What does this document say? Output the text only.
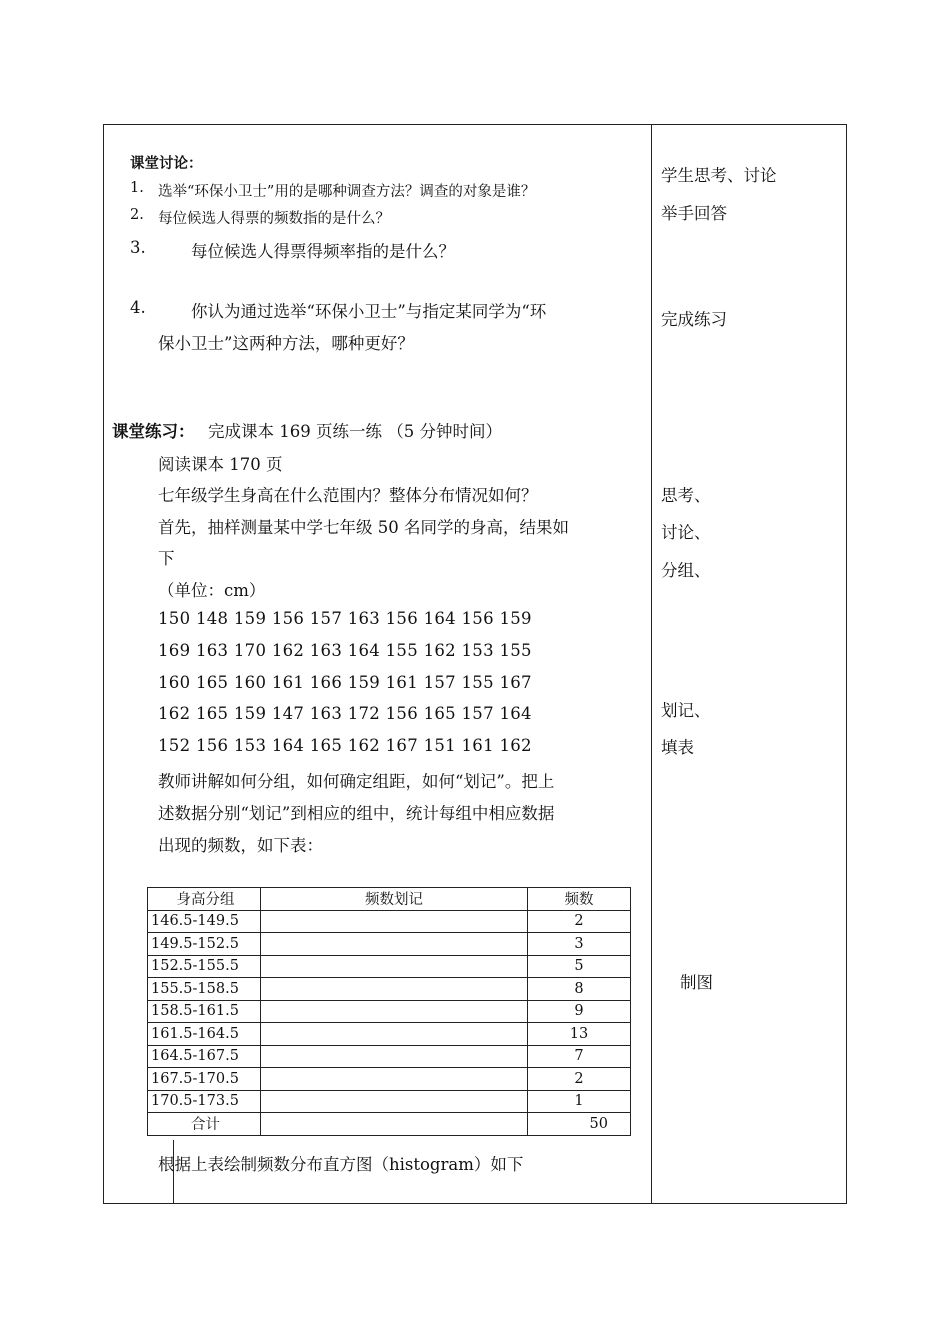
课堂讨论：
1. 选举“环保小卫士”用的是哪种调查方法？调查的对象是谁？
2. 每位候选人得票的频数指的是什么？
3.	每位候选人得票得频率指的是什么？
4.	你认为通过选举“环保小卫士”与指定某同学为“环
保小卫士”这两种方法，哪种更好？
课堂练习： 完成课本 169 页练一练 （5 分钟时间）
阅读课本 170 页
七年级学生身高在什么范围内？整体分布情况如何？
首先，抽样测量某中学七年级 50 名同学的身高，结果如
下
（单位：cm）
150 148 159 156 157 163 156 164 156 159
169 163 170 162 163 164 155 162 153 155
160 165 160 161 166 159 161 157 155 167
162 165 159 147 163 172 156 165 157 164
152 156 153 164 165 162 167 151 161 162
教师讲解如何分组，如何确定组距，如何“划记”。把上
述数据分别“划记”到相应的组中，统计每组中相应数据
出现的频数，如下表：
身高分组	频数划记	频数
146.5-149.5		2
149.5-152.5		3
152.5-155.5		5
155.5-158.5		8
158.5-161.5		9
161.5-164.5		13
164.5-167.5		7
167.5-170.5		2
170.5-173.5		1
合计		50
根据上表绘制频数分布直方图（histogram）如下
学生思考、讨论
举手回答
完成练习
思考、
讨论、
分组、
划记、
填表
制图
